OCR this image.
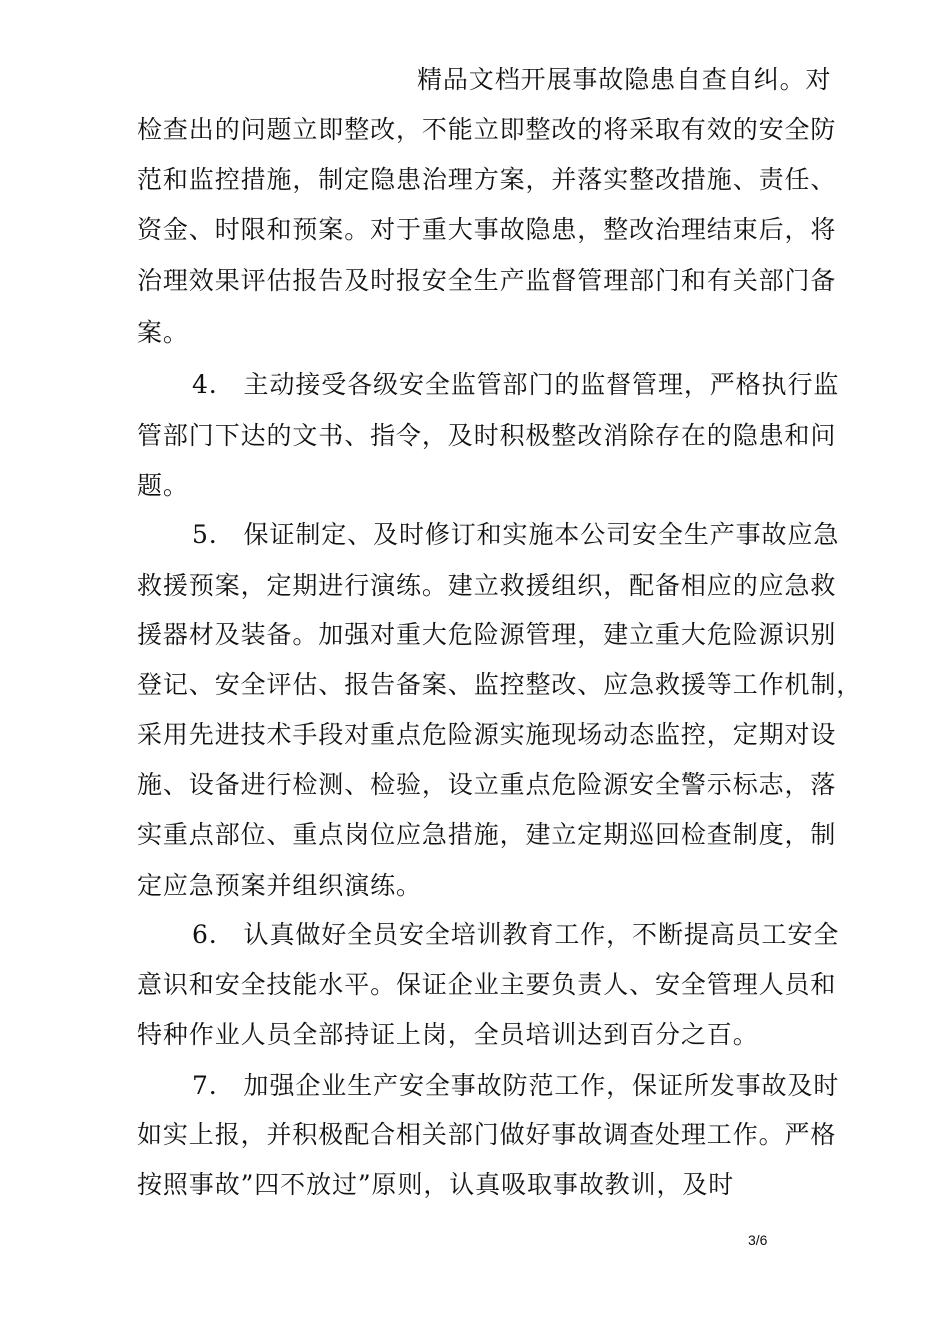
精品文档开展事故隐患自查自纠。对
检查出的问题立即整改，不能立即整改的将采取有效的安全防
范和监控措施，制定隐患治理方案，并落实整改措施、责任、
资金、时限和预案。对于重大事故隐患，整改治理结束后，将
治理效果评估报告及时报安全生产监督管理部门和有关部门备
案。
4.　主动接受各级安全监管部门的监督管理，严格执行监
管部门下达的文书、指令，及时积极整改消除存在的隐患和问
题。
5.　保证制定、及时修订和实施本公司安全生产事故应急
救援预案，定期进行演练。建立救援组织，配备相应的应急救
援器材及装备。加强对重大危险源管理，建立重大危险源识别
登记、安全评估、报告备案、监控整改、应急救援等工作机制，
采用先进技术手段对重点危险源实施现场动态监控，定期对设
施、设备进行检测、检验，设立重点危险源安全警示标志，落
实重点部位、重点岗位应急措施，建立定期巡回检查制度，制
定应急预案并组织演练。
6.　认真做好全员安全培训教育工作，不断提高员工安全
意识和安全技能水平。保证企业主要负责人、安全管理人员和
特种作业人员全部持证上岗，全员培训达到百分之百。
7.　加强企业生产安全事故防范工作，保证所发事故及时
如实上报，并积极配合相关部门做好事故调查处理工作。严格
按照事故”四不放过”原则，认真吸取事故教训，及时
3/6
